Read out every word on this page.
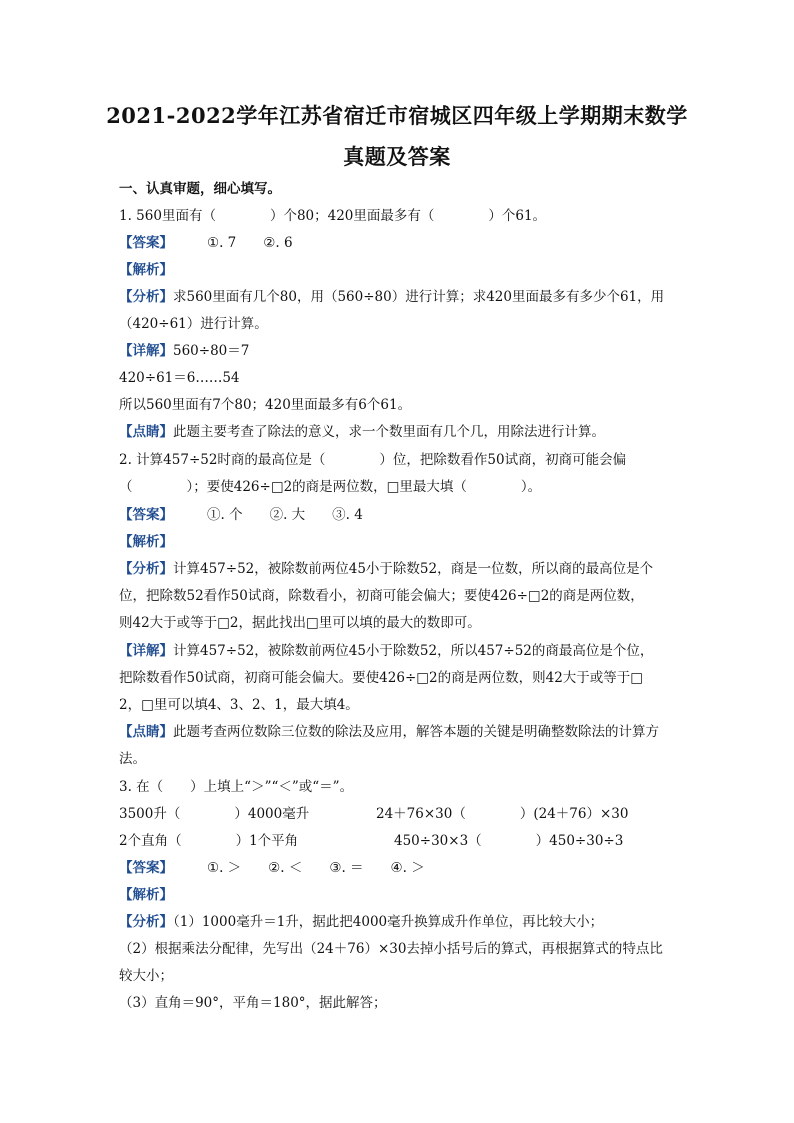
2021-2022学年江苏省宿迁市宿城区四年级上学期期末数学
真题及答案
一、认真审题，细心填写。
1. 560里面有（　　　　）个80；420里面最多有（　　　　）个61。
【答案】	①. 7　　②. 6
【解析】
【分析】求560里面有几个80，用（560÷80）进行计算；求420里面最多有多少个61，用
（420÷61）进行计算。
【详解】560÷80＝7
420÷61＝6……54
所以560里面有7个80；420里面最多有6个61。
【点睛】此题主要考查了除法的意义，求一个数里面有几个几，用除法进行计算。
2. 计算457÷52时商的最高位是（　　　　）位，把除数看作50试商，初商可能会偏
（　　　　）；要使426÷□2的商是两位数，□里最大填（　　　　）。
【答案】	①. 个　　②. 大　　③. 4
【解析】
【分析】计算457÷52，被除数前两位45小于除数52，商是一位数，所以商的最高位是个
位，把除数52看作50试商，除数看小，初商可能会偏大；要使426÷□2的商是两位数，
则42大于或等于□2，据此找出□里可以填的最大的数即可。
【详解】计算457÷52，被除数前两位45小于除数52，所以457÷52的商最高位是个位，
把除数看作50试商，初商可能会偏大。要使426÷□2的商是两位数，则42大于或等于□
2，□里可以填4、3、2、1，最大填4。
【点睛】此题考查两位数除三位数的除法及应用，解答本题的关键是明确整数除法的计算方
法。
3. 在（　　）上填上“＞”“＜”或“＝”。
3500升（　　　　）4000毫升	24＋76×30（　　　　）(24＋76）×30
2个直角（　　　　）1个平角	450÷30×3（　　　　）450÷30÷3
【答案】	①. ＞　　②. ＜　　③. ＝　　④. ＞
【解析】
【分析】（1）1000毫升＝1升，据此把4000毫升换算成升作单位，再比较大小；
（2）根据乘法分配律，先写出（24＋76）×30去掉小括号后的算式，再根据算式的特点比
较大小；
（3）直角＝90°，平角＝180°，据此解答；
